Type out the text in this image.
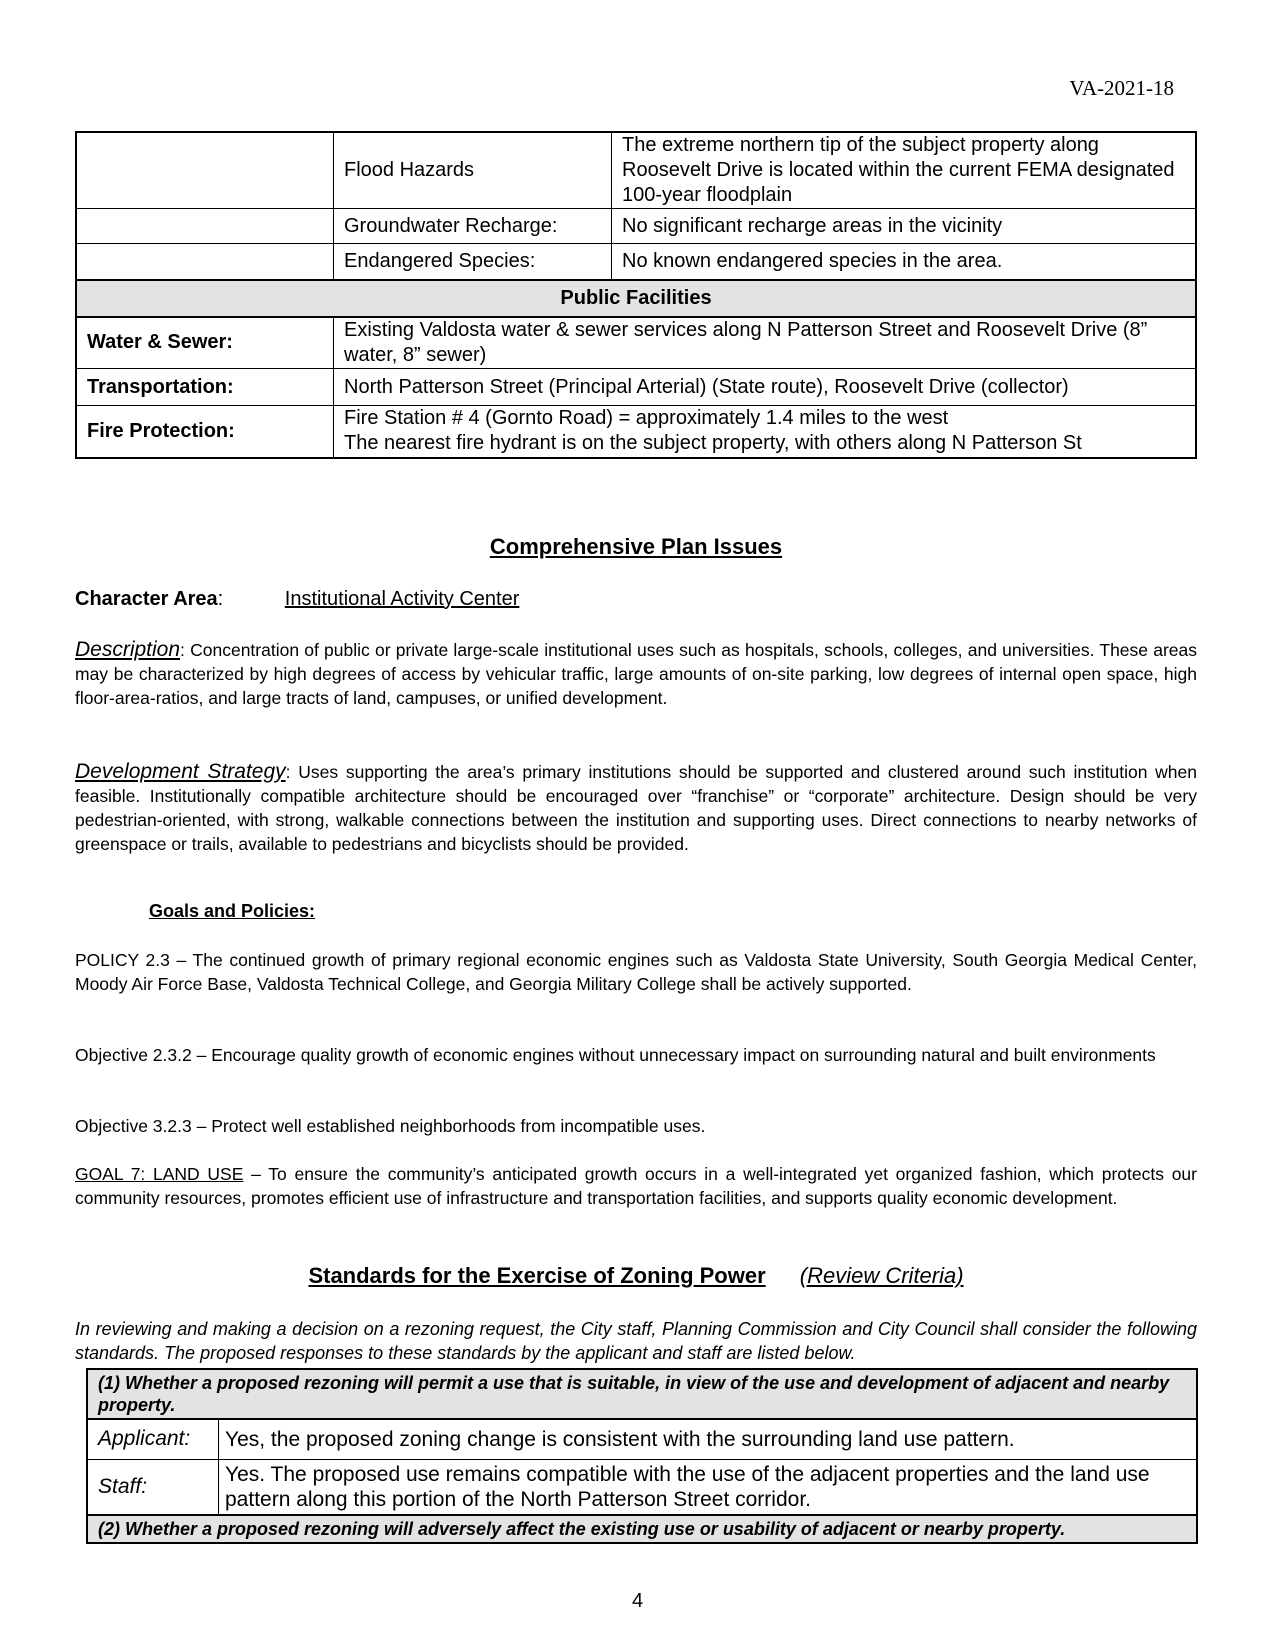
VA-2021-18
	Flood Hazards	The extreme northern tip of the subject property along Roosevelt Drive is located within the current FEMA designated 100-year floodplain
	Groundwater Recharge:	No significant recharge areas in the vicinity
	Endangered Species:	No known endangered species in the area.
Public Facilities		
Water & Sewer:	Existing Valdosta water & sewer services along N Patterson Street and Roosevelt Drive (8” water, 8” sewer)	
Transportation:	North Patterson Street (Principal Arterial) (State route), Roosevelt Drive (collector)	
Fire Protection:	Fire Station # 4 (Gornto Road) = approximately 1.4 miles to the west
The nearest fire hydrant is on the subject property, with others along N Patterson St	
Comprehensive Plan Issues
Character Area:	Institutional Activity Center

Description: Concentration of public or private large-scale institutional uses such as hospitals, schools, colleges, and universities. These areas may be characterized by high degrees of access by vehicular traffic, large amounts of on-site parking, low degrees of internal open space, high floor-area-ratios, and large tracts of land, campuses, or unified development.

Development Strategy: Uses supporting the area’s primary institutions should be supported and clustered around such institution when feasible. Institutionally compatible architecture should be encouraged over “franchise” or “corporate” architecture. Design should be very pedestrian-oriented, with strong, walkable connections between the institution and supporting uses. Direct connections to nearby networks of greenspace or trails, available to pedestrians and bicyclists should be provided.

Goals and Policies:

POLICY 2.3 – The continued growth of primary regional economic engines such as Valdosta State University, South Georgia Medical Center, Moody Air Force Base, Valdosta Technical College, and Georgia Military College shall be actively supported.

Objective 2.3.2 – Encourage quality growth of economic engines without unnecessary impact on surrounding natural and built environments

Objective 3.2.3 – Protect well established neighborhoods from incompatible uses.

GOAL 7: LAND USE – To ensure the community’s anticipated growth occurs in a well-integrated yet organized fashion, which protects our community resources, promotes efficient use of infrastructure and transportation facilities, and supports quality economic development.

Standards for the Exercise of Zoning Power (Review Criteria)

In reviewing and making a decision on a rezoning request, the City staff, Planning Commission and City Council shall consider the following standards. The proposed responses to these standards by the applicant and staff are listed below.

(1) Whether a proposed rezoning will permit a use that is suitable, in view of the use and development of adjacent and nearby property.	
Applicant:	Yes, the proposed zoning change is consistent with the surrounding land use pattern.
Staff:	Yes. The proposed use remains compatible with the use of the adjacent properties and the land use pattern along this portion of the North Patterson Street corridor.
(2) Whether a proposed rezoning will adversely affect the existing use or usability of adjacent or nearby property.	
4
